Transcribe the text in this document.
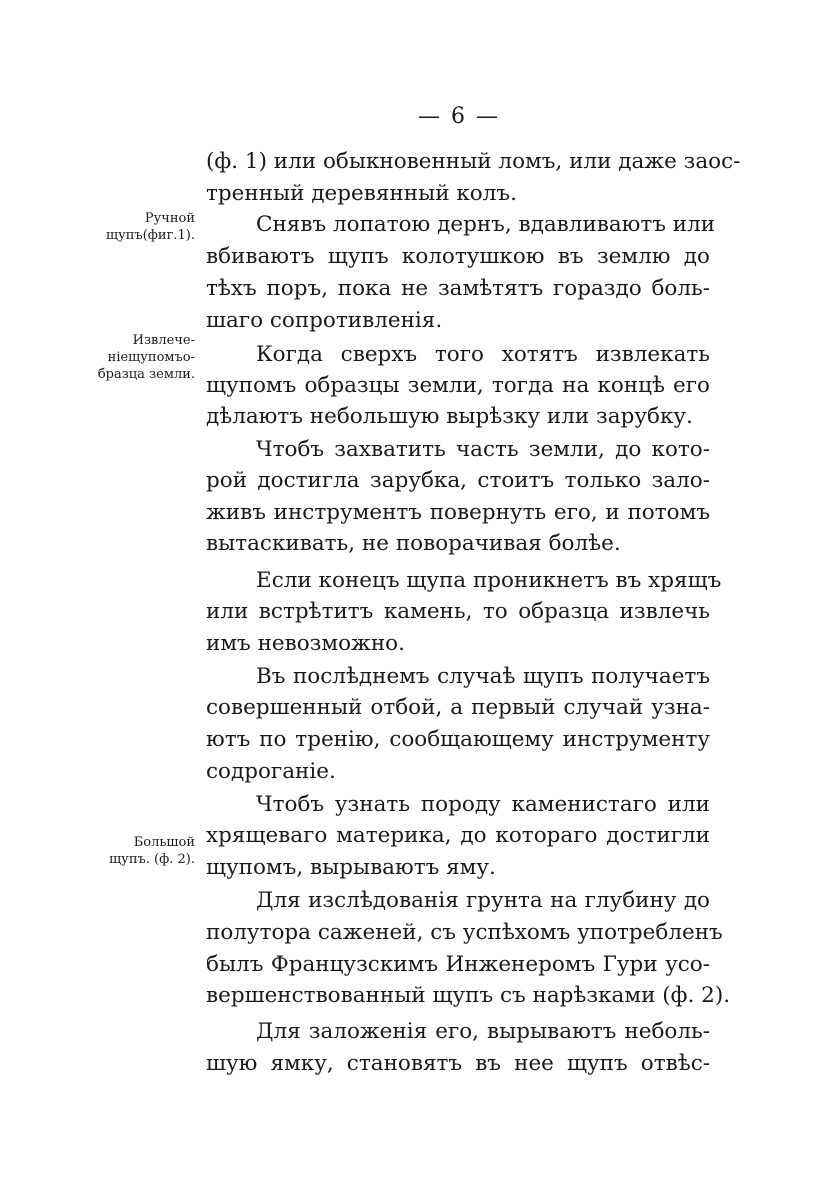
— 6 —
Ручной
щупъ(фиг.1).
Извлече-
ніещупомъо-
бразца земли.
Большой
щупъ. (ф. 2).
(ф. 1) или обыкновенный ломъ, или даже заос-
тренный деревянный колъ.
Снявъ лопатою дернъ, вдавливаютъ или
вбиваютъ щупъ колотушкою въ землю до
тѣхъ поръ, пока не замѣтятъ гораздо боль-
шаго сопротивленія.
Когда сверхъ того хотятъ извлекать
щупомъ образцы земли, тогда на концѣ его
дѣлаютъ небольшую вырѣзку или зарубку.
Чтобъ захватить часть земли, до кото-
рой достигла зарубка, стоитъ только зало-
живъ инструментъ повернуть его, и потомъ
вытаскивать, не поворачивая болѣе.
Если конецъ щупа проникнетъ въ хрящъ
или встрѣтитъ камень, то образца извлечь
имъ невозможно.
Въ послѣднемъ случаѣ щупъ получаетъ
совершенный отбой, а первый случай узна-
ютъ по тренію, сообщающему инструменту
содроганіе.
Чтобъ узнать породу каменистаго или
хрящеваго материка, до котораго достигли
щупомъ, вырываютъ яму.
Для изслѣдованія грунта на глубину до
полутора саженей, съ успѣхомъ употребленъ
былъ Французскимъ Инженеромъ Гури усо-
вершенствованный щупъ съ нарѣзками (ф. 2).
Для заложенія его, вырываютъ неболь-
шую ямку, становятъ въ нее щупъ отвѣс-
